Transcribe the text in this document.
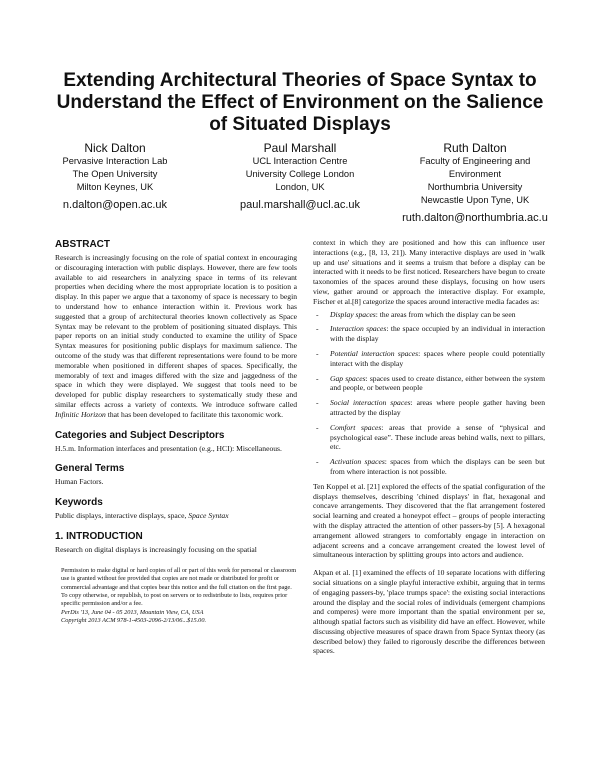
Extending Architectural Theories of Space Syntax to Understand the Effect of Environment on the Salience of Situated Displays
Nick Dalton
Pervasive Interaction Lab
The Open University
Milton Keynes, UK
n.dalton@open.ac.uk
Paul Marshall
UCL Interaction Centre
University College London
London, UK
paul.marshall@ucl.ac.uk
Ruth Dalton
Faculty of Engineering and
Environment
Northumbria University
Newcastle Upon Tyne, UK
ruth.dalton@northumbria.ac.u
ABSTRACT

Research is increasingly focusing on the role of spatial context in encouraging or discouraging interaction with public displays. However, there are few tools available to aid researchers in analyzing space in terms of its relevant properties when deciding where the most appropriate location is to position a display. In this paper we argue that a taxonomy of space is necessary to begin to understand how to enhance interaction within it. Previous work has suggested that a group of architectural theories known collectively as Space Syntax may be relevant to the problem of positioning situated displays. This paper reports on an initial study conducted to examine the utility of Space Syntax measures for positioning public displays for maximum salience. The outcome of the study was that different representations were found to be more memorable when positioned in different shapes of spaces. Specifically, the memorably of text and images differed with the size and jaggedness of the space in which they were displayed. We suggest that tools need to be developed for public display researchers to systematically study these and similar effects across a variety of contexts. We introduce software called Infinitic Horizon that has been developed to facilitate this taxonomic work.

Categories and Subject Descriptors

H.5.m. Information interfaces and presentation (e.g., HCI): Miscellaneous.

General Terms

Human Factors.

Keywords

Public displays, interactive displays, space, Space Syntax

1. INTRODUCTION

Research on digital displays is increasingly focusing on the spatial

Permission to make digital or hard copies of all or part of this work for personal or classroom use is granted without fee provided that copies are not made or distributed for profit or commercial advantage and that copies bear this notice and the full citation on the first page. To copy otherwise, or republish, to post on servers or to redistribute to lists, requires prior specific permission and/or a fee.
PerDis '13, June 04 - 05 2013, Mountain View, CA, USA
Copyright 2013 ACM 978-1-4503-2096-2/13/06...$15.00.

context in which they are positioned and how this can influence user interactions (e.g., [8, 13, 21]). Many interactive displays are used in 'walk up and use' situations and it seems a truism that before a display can be interacted with it needs to be first noticed. Researchers have begun to create taxonomies of the spaces around these displays, focusing on how users view, gather around or approach the interactive display. For example, Fischer et al.[8] categorize the spaces around interactive media facades as:

- Display spaces: the areas from which the display can be seen
- Interaction spaces: the space occupied by an individual in interaction with the display
- Potential interaction spaces: spaces where people could potentially interact with the display
- Gap spaces: spaces used to create distance, either between the system and people, or between people
- Social interaction spaces: areas where people gather having been attracted by the display
- Comfort spaces: areas that provide a sense of “physical and psychological ease”. These include areas behind walls, next to pillars, etc.
- Activation spaces: spaces from which the displays can be seen but from where interaction is not possible.

Ten Koppel et al. [21] explored the effects of the spatial configuration of the displays themselves, describing 'chined displays' in flat, hexagonal and concave arrangements. They discovered that the flat arrangement fostered social learning and created a honeypot effect – groups of people interacting with the display attracted the attention of other passers-by [5]. A hexagonal arrangement allowed strangers to comfortably engage in interaction on adjacent screens and a concave arrangement created the lowest level of simultaneous interaction by splitting groups into actors and audience.

Akpan et al. [1] examined the effects of 10 separate locations with differing social situations on a single playful interactive exhibit, arguing that in terms of engaging passers-by, 'place trumps space': the existing social interactions around the display and the social roles of individuals (emergent champions and comperes) were more important than the spatial environment per se, although spatial factors such as visibility did have an effect. However, while discussing objective measures of space drawn from Space Syntax theory (as described below) they failed to rigorously describe the differences between spaces.
